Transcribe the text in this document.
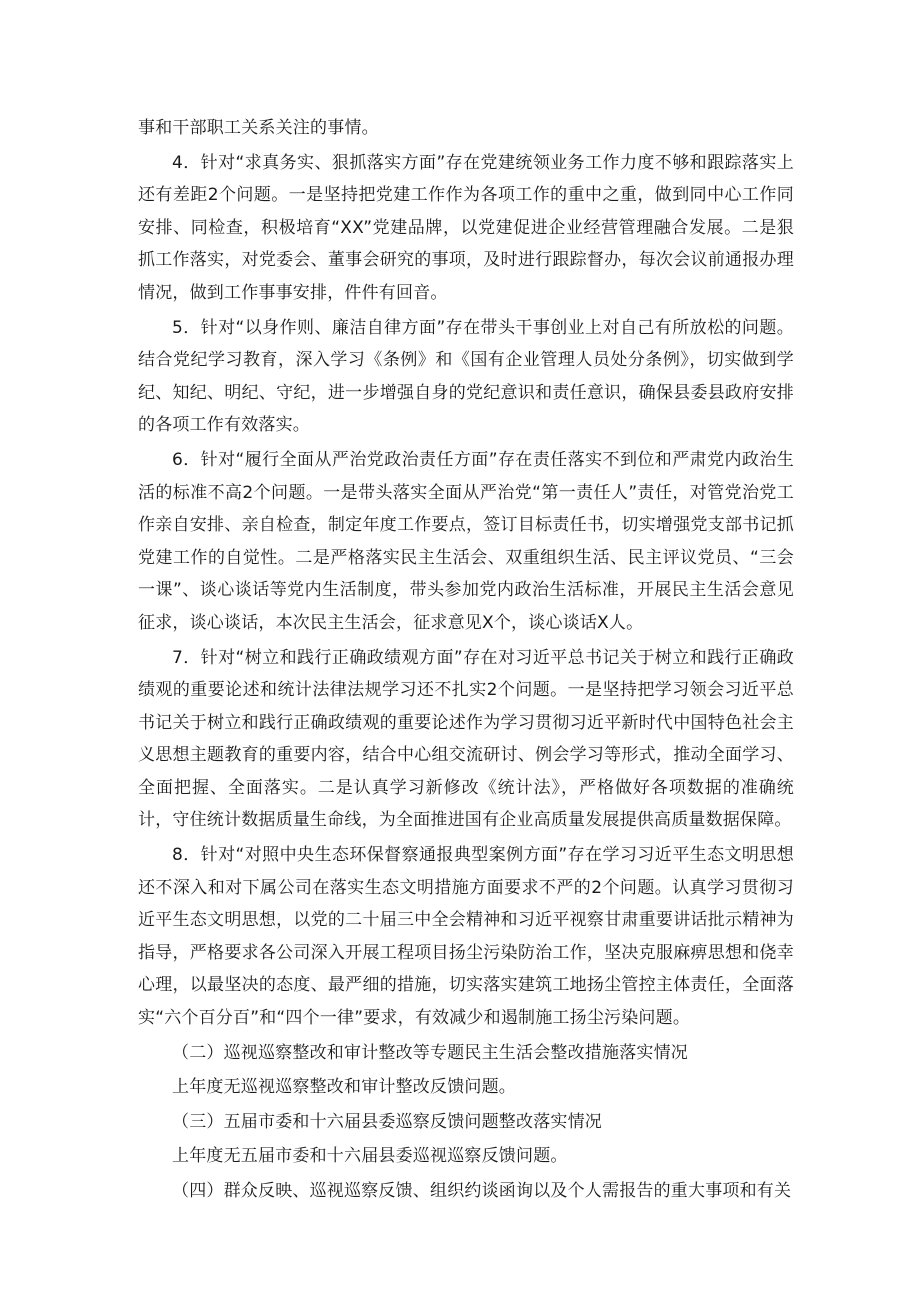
事和干部职工关系关注的事情。

4．针对“求真务实、狠抓落实方面”存在党建统领业务工作力度不够和跟踪落实上还有差距2个问题。一是坚持把党建工作作为各项工作的重中之重，做到同中心工作同安排、同检查，积极培育“XX”党建品牌，以党建促进企业经营管理融合发展。二是狠抓工作落实，对党委会、董事会研究的事项，及时进行跟踪督办，每次会议前通报办理情况，做到工作事事安排，件件有回音。

5．针对“以身作则、廉洁自律方面”存在带头干事创业上对自己有所放松的问题。结合党纪学习教育，深入学习《条例》和《国有企业管理人员处分条例》，切实做到学纪、知纪、明纪、守纪，进一步增强自身的党纪意识和责任意识，确保县委县政府安排的各项工作有效落实。

6．针对“履行全面从严治党政治责任方面”存在责任落实不到位和严肃党内政治生活的标准不高2个问题。一是带头落实全面从严治党“第一责任人”责任，对管党治党工作亲自安排、亲自检查，制定年度工作要点，签订目标责任书，切实增强党支部书记抓党建工作的自觉性。二是严格落实民主生活会、双重组织生活、民主评议党员、“三会一课”、谈心谈话等党内生活制度，带头参加党内政治生活标准，开展民主生活会意见征求，谈心谈话，本次民主生活会，征求意见X个，谈心谈话X人。

7．针对“树立和践行正确政绩观方面”存在对习近平总书记关于树立和践行正确政绩观的重要论述和统计法律法规学习还不扎实2个问题。一是坚持把学习领会习近平总书记关于树立和践行正确政绩观的重要论述作为学习贯彻习近平新时代中国特色社会主义思想主题教育的重要内容，结合中心组交流研讨、例会学习等形式，推动全面学习、全面把握、全面落实。二是认真学习新修改《统计法》，严格做好各项数据的准确统计，守住统计数据质量生命线，为全面推进国有企业高质量发展提供高质量数据保障。

8．针对“对照中央生态环保督察通报典型案例方面”存在学习习近平生态文明思想还不深入和对下属公司在落实生态文明措施方面要求不严的2个问题。认真学习贯彻习近平生态文明思想，以党的二十届三中全会精神和习近平视察甘肃重要讲话批示精神为指导，严格要求各公司深入开展工程项目扬尘污染防治工作，坚决克服麻痹思想和侥幸心理，以最坚决的态度、最严细的措施，切实落实建筑工地扬尘管控主体责任，全面落实“六个百分百”和“四个一律”要求，有效减少和遏制施工扬尘污染问题。

（二）巡视巡察整改和审计整改等专题民主生活会整改措施落实情况

上年度无巡视巡察整改和审计整改反馈问题。

（三）五届市委和十六届县委巡察反馈问题整改落实情况

上年度无五届市委和十六届县委巡视巡察反馈问题。

（四）群众反映、巡视巡察反馈、组织约谈函询以及个人需报告的重大事项和有关
